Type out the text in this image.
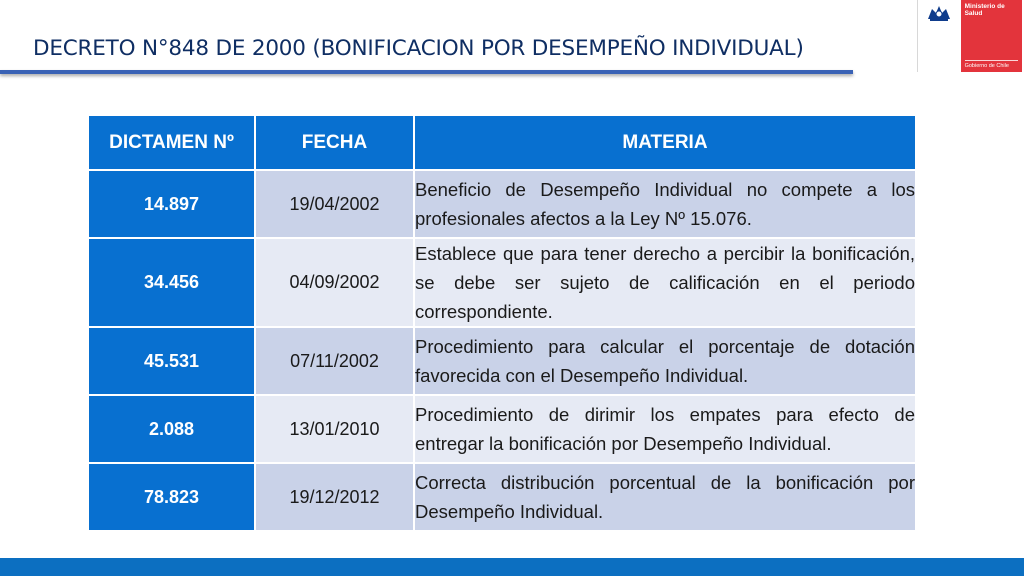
DECRETO N°848 DE 2000 (BONIFICACION POR DESEMPEÑO INDIVIDUAL)
Ministerio de Salud
Gobierno de Chile
DICTAMEN Nº	FECHA	MATERIA
14.897	19/04/2002	Beneficio de Desempeño Individual no compete a los profesionales afectos a la Ley Nº 15.076.
34.456	04/09/2002	Establece que para tener derecho a percibir la bonificación, se debe ser sujeto de calificación en el periodo correspondiente.
45.531	07/11/2002	Procedimiento para calcular el porcentaje de dotación favorecida con el Desempeño Individual.
2.088	13/01/2010	Procedimiento de dirimir los empates para efecto de entregar la bonificación por Desempeño Individual.
78.823	19/12/2012	Correcta distribución porcentual de la bonificación por Desempeño Individual.
